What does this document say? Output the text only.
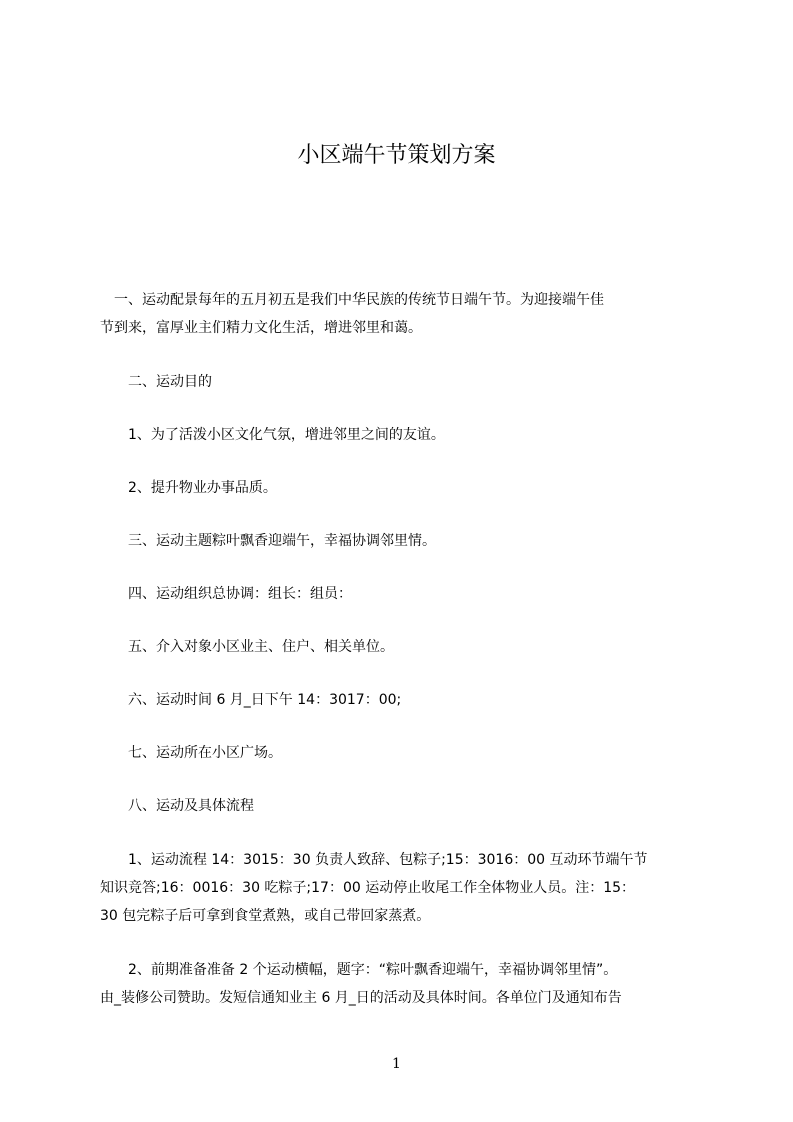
小区端午节策划方案

　一、运动配景每年的五月初五是我们中华民族的传统节日端午节。为迎接端午佳
节到来，富厚业主们精力文化生活，增进邻里和蔼。

　　二、运动目的

　　1、为了活泼小区文化气氛，增进邻里之间的友谊。

　　2、提升物业办事品质。

　　三、运动主题粽叶飘香迎端午，幸福协调邻里情。

　　四、运动组织总协调：组长：组员：

　　五、介入对象小区业主、住户、相关单位。

　　六、运动时间 6 月_日下午 14：3017：00;

　　七、运动所在小区广场。

　　八、运动及具体流程

　　1、运动流程 14：3015：30 负责人致辞、包粽子;15：3016：00 互动环节端午节
知识竞答;16：0016：30 吃粽子;17：00 运动停止收尾工作全体物业人员。注：15：
30 包完粽子后可拿到食堂煮熟，或自己带回家蒸煮。

　　2、前期准备准备 2 个运动横幅，题字：“粽叶飘香迎端午，幸福协调邻里情”。
由_装修公司赞助。发短信通知业主 6 月_日的活动及具体时间。各单位门及通知布告

1
